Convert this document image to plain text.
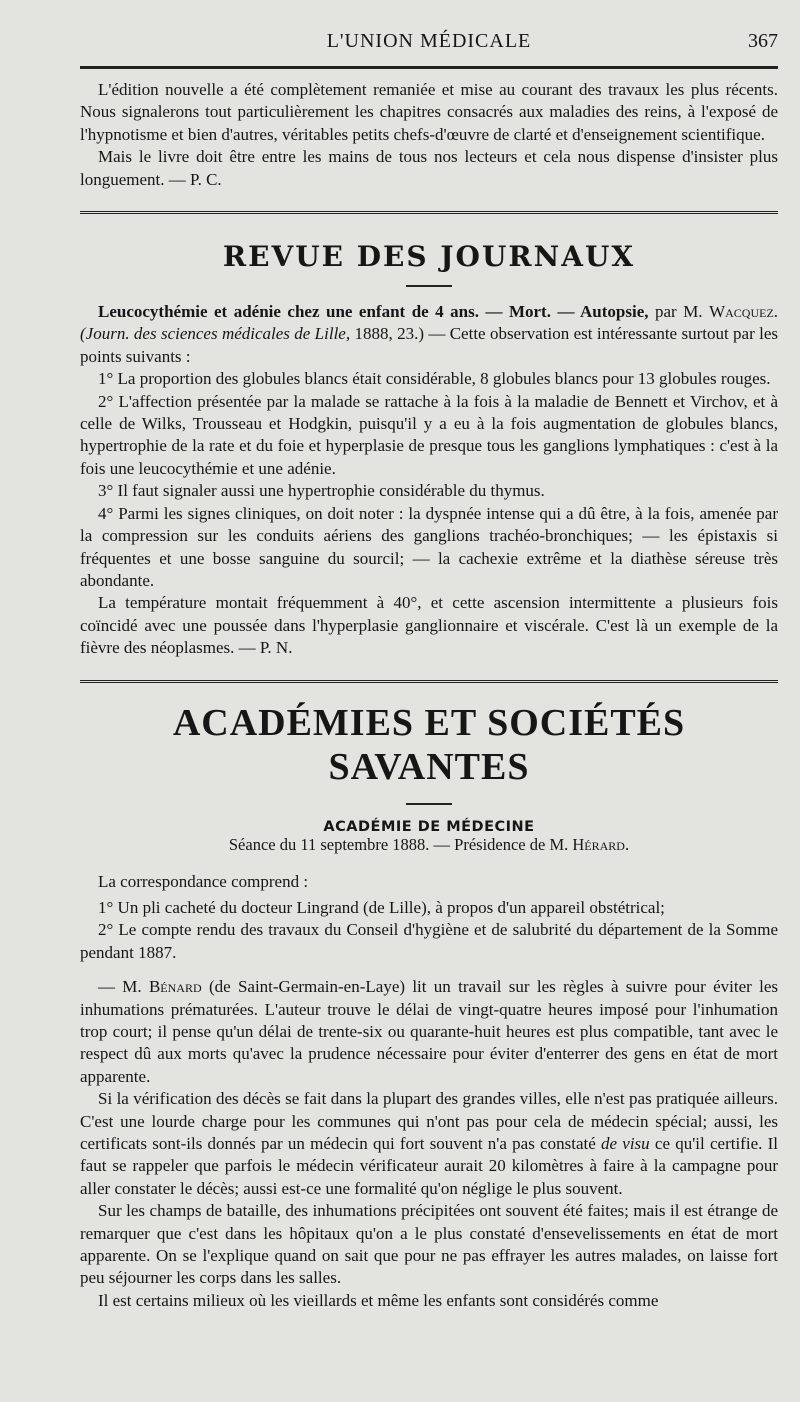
L'UNION MÉDICALE	367

L'édition nouvelle a été complètement remaniée et mise au courant des travaux les plus récents. Nous signalerons tout particulièrement les chapitres consacrés aux maladies des reins, à l'exposé de l'hypnotisme et bien d'autres, véritables petits chefs-d'œuvre de clarté et d'enseignement scientifique.

Mais le livre doit être entre les mains de tous nos lecteurs et cela nous dispense d'insister plus longuement. — P. C.

REVUE DES JOURNAUX

Leucocythémie et adénie chez une enfant de 4 ans. — Mort. — Autopsie, par M. Wacquez. (Journ. des sciences médicales de Lille, 1888, 23.) — Cette observation est intéressante surtout par les points suivants :

1° La proportion des globules blancs était considérable, 8 globules blancs pour 13 globules rouges.

2° L'affection présentée par la malade se rattache à la fois à la maladie de Bennett et Virchov, et à celle de Wilks, Trousseau et Hodgkin, puisqu'il y a eu à la fois augmentation de globules blancs, hypertrophie de la rate et du foie et hyperplasie de presque tous les ganglions lymphatiques : c'est à la fois une leucocythémie et une adénie.

3° Il faut signaler aussi une hypertrophie considérable du thymus.

4° Parmi les signes cliniques, on doit noter : la dyspnée intense qui a dû être, à la fois, amenée par la compression sur les conduits aériens des ganglions trachéo-bronchiques; — les épistaxis si fréquentes et une bosse sanguine du sourcil; — la cachexie extrême et la diathèse séreuse très abondante.

La température montait fréquemment à 40°, et cette ascension intermittente a plusieurs fois coïncidé avec une poussée dans l'hyperplasie ganglionnaire et viscérale. C'est là un exemple de la fièvre des néoplasmes. — P. N.

ACADÉMIES ET SOCIÉTÉS SAVANTES
ACADÉMIE DE MÉDECINE
Séance du 11 septembre 1888. — Présidence de M. Hérard.

La correspondance comprend :

1° Un pli cacheté du docteur Lingrand (de Lille), à propos d'un appareil obstétrical;

2° Le compte rendu des travaux du Conseil d'hygiène et de salubrité du département de la Somme pendant 1887.

— M. Bénard (de Saint-Germain-en-Laye) lit un travail sur les règles à suivre pour éviter les inhumations prématurées. L'auteur trouve le délai de vingt-quatre heures imposé pour l'inhumation trop court; il pense qu'un délai de trente-six ou quarante-huit heures est plus compatible, tant avec le respect dû aux morts qu'avec la prudence nécessaire pour éviter d'enterrer des gens en état de mort apparente.

Si la vérification des décès se fait dans la plupart des grandes villes, elle n'est pas pratiquée ailleurs. C'est une lourde charge pour les communes qui n'ont pas pour cela de médecin spécial; aussi, les certificats sont-ils donnés par un médecin qui fort souvent n'a pas constaté de visu ce qu'il certifie. Il faut se rappeler que parfois le médecin vérificateur aurait 20 kilomètres à faire à la campagne pour aller constater le décès; aussi est-ce une formalité qu'on néglige le plus souvent.

Sur les champs de bataille, des inhumations précipitées ont souvent été faites; mais il est étrange de remarquer que c'est dans les hôpitaux qu'on a le plus constaté d'ensevelissements en état de mort apparente. On se l'explique quand on sait que pour ne pas effrayer les autres malades, on laisse fort peu séjourner les corps dans les salles.

Il est certains milieux où les vieillards et même les enfants sont considérés comme
